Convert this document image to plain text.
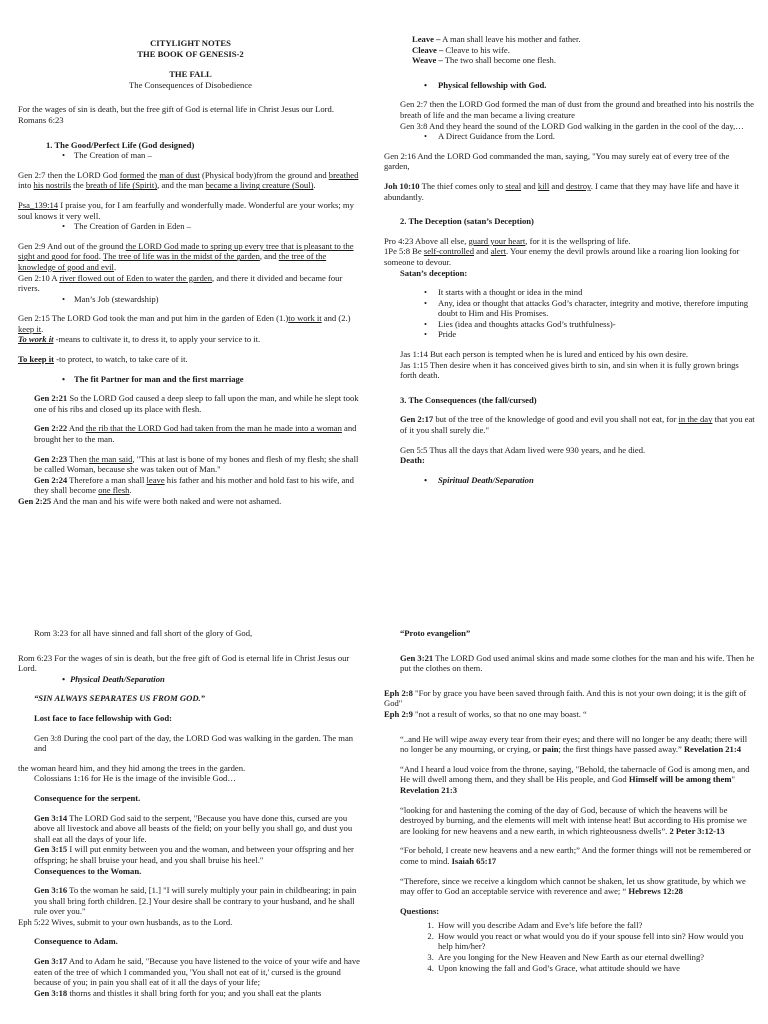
CITYLIGHT NOTES
THE BOOK OF GENESIS-2
THE FALL
The Consequences of Disobedience
For the wages of sin is death, but the free gift of God is eternal life in Christ Jesus our Lord. Romans 6:23
1. The Good/Perfect Life (God designed)
• The Creation of man –
Gen 2:7 then the LORD God formed the man of dust (Physical body)from the ground and breathed into his nostrils the breath of life (Spirit), and the man became a living creature (Soul).
Psa_139:14 I praise you, for I am fearfully and wonderfully made. Wonderful are your works; my soul knows it very well.
• The Creation of Garden in Eden –
Gen 2:9 And out of the ground the LORD God made to spring up every tree that is pleasant to the sight and good for food. The tree of life was in the midst of the garden, and the tree of the knowledge of good and evil.
Gen 2:10 A river flowed out of Eden to water the garden, and there it divided and became four rivers.
• Man’s Job (stewardship)
Gen 2:15 The LORD God took the man and put him in the garden of Eden (1.)to work it and (2.) keep it.
To work it -means to cultivate it, to dress it, to apply your service to it.
To keep it -to protect, to watch, to take care of it.
• The fit Partner for man and the first marriage
Gen 2:21 So the LORD God caused a deep sleep to fall upon the man, and while he slept took one of his ribs and closed up its place with flesh.
Gen 2:22 And the rib that the LORD God had taken from the man he made into a woman and brought her to the man.
Gen 2:23 Then the man said, "This at last is bone of my bones and flesh of my flesh; she shall be called Woman, because she was taken out of Man."
Gen 2:24 Therefore a man shall leave his father and his mother and hold fast to his wife, and they shall become one flesh.
Gen 2:25 And the man and his wife were both naked and were not ashamed.
Leave – A man shall leave his mother and father.
Cleave – Cleave to his wife.
Weave – The two shall become one flesh.
• Physical fellowship with God.
Gen 2:7 then the LORD God formed the man of dust from the ground and breathed into his nostrils the breath of life and the man became a living creature
Gen 3:8 And they heard the sound of the LORD God walking in the garden in the cool of the day,…
• A Direct Guidance from the Lord.
Gen 2:16 And the LORD God commanded the man, saying, "You may surely eat of every tree of the garden,
Joh 10:10 The thief comes only to steal and kill and destroy. I came that they may have life and have it abundantly.
2. The Deception (satan’s Deception)
Pro 4:23 Above all else, guard your heart, for it is the wellspring of life.
1Pe 5:8 Be self-controlled and alert. Your enemy the devil prowls around like a roaring lion looking for someone to devour.
Satan’s deception:
• It starts with a thought or idea in the mind
• Any, idea or thought that attacks God’s character, integrity and motive, therefore imputing doubt to Him and His Promises.
• Lies (idea and thoughts attacks God’s truthfulness)-
• Pride
Jas 1:14 But each person is tempted when he is lured and enticed by his own desire.
Jas 1:15 Then desire when it has conceived gives birth to sin, and sin when it is fully grown brings forth death.
3. The Consequences (the fall/cursed)
Gen 2:17 but of the tree of the knowledge of good and evil you shall not eat, for in the day that you eat of it you shall surely die."
Gen 5:5 Thus all the days that Adam lived were 930 years, and he died.
Death:
• Spiritual Death/Separation
Rom 3:23 for all have sinned and fall short of the glory of God,
Rom 6:23 For the wages of sin is death, but the free gift of God is eternal life in Christ Jesus our
Lord.
• Physical Death/Separation
“SIN ALWAYS SEPARATES US FROM GOD.”
Lost face to face fellowship with God:
Gen 3:8 During the cool part of the day, the LORD God was walking in the garden. The man and
the woman heard him, and they hid among the trees in the garden.
Colossians 1:16 for He is the image of the invisible God…
Consequence for the serpent.
Gen 3:14 The LORD God said to the serpent, "Because you have done this, cursed are you above all livestock and above all beasts of the field; on your belly you shall go, and dust you shall eat all the days of your life.
Gen 3:15 I will put enmity between you and the woman, and between your offspring and her offspring; he shall bruise your head, and you shall bruise his heel."
Consequences to the Woman.
Gen 3:16 To the woman he said, [1.] "I will surely multiply your pain in childbearing; in pain you shall bring forth children. [2.] Your desire shall be contrary to your husband, and he shall rule over you."
Eph 5:22 Wives, submit to your own husbands, as to the Lord.
Consequence to Adam.
Gen 3:17 And to Adam he said, "Because you have listened to the voice of your wife and have eaten of the tree of which I commanded you, 'You shall not eat of it,' cursed is the ground because of you; in pain you shall eat of it all the days of your life;
Gen 3:18 thorns and thistles it shall bring forth for you; and you shall eat the plants
“Proto evangelion”
Gen 3:21 The LORD God used animal skins and made some clothes for the man and his wife. Then he put the clothes on them.
Eph 2:8 "For by grace you have been saved through faith. And this is not your own doing; it is the gift of God"
Eph 2:9 "not a result of works, so that no one may boast. “
“..and He will wipe away every tear from their eyes; and there will no longer be any death; there will no longer be any mourning, or crying, or pain; the first things have passed away.” Revelation 21:4
“And I heard a loud voice from the throne, saying, "Behold, the tabernacle of God is among men, and He will dwell among them, and they shall be His people, and God Himself will be among them" Revelation 21:3
“looking for and hastening the coming of the day of God, because of which the heavens will be destroyed by burning, and the elements will melt with intense heat! But according to His promise we are looking for new heavens and a new earth, in which righteousness dwells”. 2 Peter 3:12-13
“For behold, I create new heavens and a new earth;” And the former things will not be remembered or come to mind. Isaiah 65:17
“Therefore, since we receive a kingdom which cannot be shaken, let us show gratitude, by which we may offer to God an acceptable service with reverence and awe; “ Hebrews 12:28
Questions:
1. How will you describe Adam and Eve’s life before the fall?
2. How would you react or what would you do if your spouse fell into sin? How would you help him/her?
3. Are you longing for the New Heaven and New Earth as our eternal dwelling?
4. Upon knowing the fall and God’s Grace, what attitude should we have
